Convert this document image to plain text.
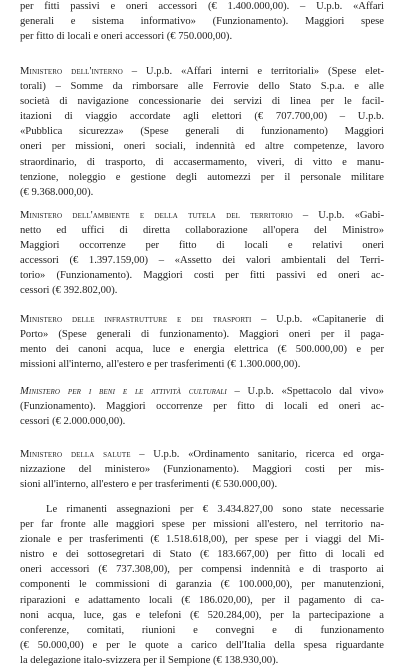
per fitti passivi e oneri accessori (€ 1.400.000,00). – U.p.b. «Affari
generali e sistema informativo» (Funzionamento). Maggiori spese
per fitto di locali e oneri accessori (€ 750.000,00).
Ministero dell'interno – U.p.b. «Affari interni e territoriali» (Spese elet-
torali) – Somme da rimborsare alle Ferrovie dello Stato S.p.a. e alle
società di navigazione concessionarie dei servizi di linea per le facil-
itazioni di viaggio accordate agli elettori (€ 707.700,00) – U.p.b.
«Pubblica sicurezza» (Spese generali di funzionamento) Maggiori
oneri per missioni, oneri sociali, indennità ed altre competenze, lavoro
straordinario, di trasporto, di accasermamento, viveri, di vitto e manu-
tenzione, noleggio e gestione degli automezzi per il personale militare
(€ 9.368.000,00).
Ministero dell'ambiente e della tutela del territorio – U.p.b. «Gabi-
netto ed uffici di diretta collaborazione all'opera del Ministro»
Maggiori occorrenze per fitto di locali e relativi oneri
accessori (€ 1.397.159,00) – «Assetto dei valori ambientali del Terri-
torio» (Funzionamento). Maggiori costi per fitti passivi ed oneri ac-
cessori (€ 392.802,00).
Ministero delle infrastrutture e dei trasporti – U.p.b. «Capitanerie di
Porto» (Spese generali di funzionamento). Maggiori oneri per il paga-
mento dei canoni acqua, luce e energia elettrica (€ 500.000,00) e per
missioni all'interno, all'estero e per trasferimenti (€ 1.300.000,00).
Ministero per i beni e le attività culturali – U.p.b. «Spettacolo dal vivo»
(Funzionamento). Maggiori occorrenze per fitto di locali ed oneri ac-
cessori (€ 2.000.000,00).
Ministero della salute – U.p.b. «Ordinamento sanitario, ricerca ed orga-
nizzazione del ministero» (Funzionamento). Maggiori costi per mis-
sioni all'interno, all'estero e per trasferimenti (€ 530.000,00).
Le rimanenti assegnazioni per € 3.434.827,00 sono state necessarie
per far fronte alle maggiori spese per missioni all'estero, nel territorio na-
zionale e per trasferimenti (€ 1.518.618,00), per spese per i viaggi del Mi-
nistro e dei sottosegretari di Stato (€ 183.667,00) per fitto di locali ed
oneri accessori (€ 737.308,00), per compensi indennità e di trasporto ai
componenti le commissioni di garanzia (€ 100.000,00), per manutenzioni,
riparazioni e adattamento locali (€ 186.020,00), per il pagamento di ca-
noni acqua, luce, gas e telefoni (€ 520.284,00), per la partecipazione a
conferenze, comitati, riunioni e convegni e di funzionamento
(€ 50.000,00) e per le quote a carico dell'Italia della spesa riguardante
la delegazione italo-svizzera per il Sempione (€ 138.930,00).
